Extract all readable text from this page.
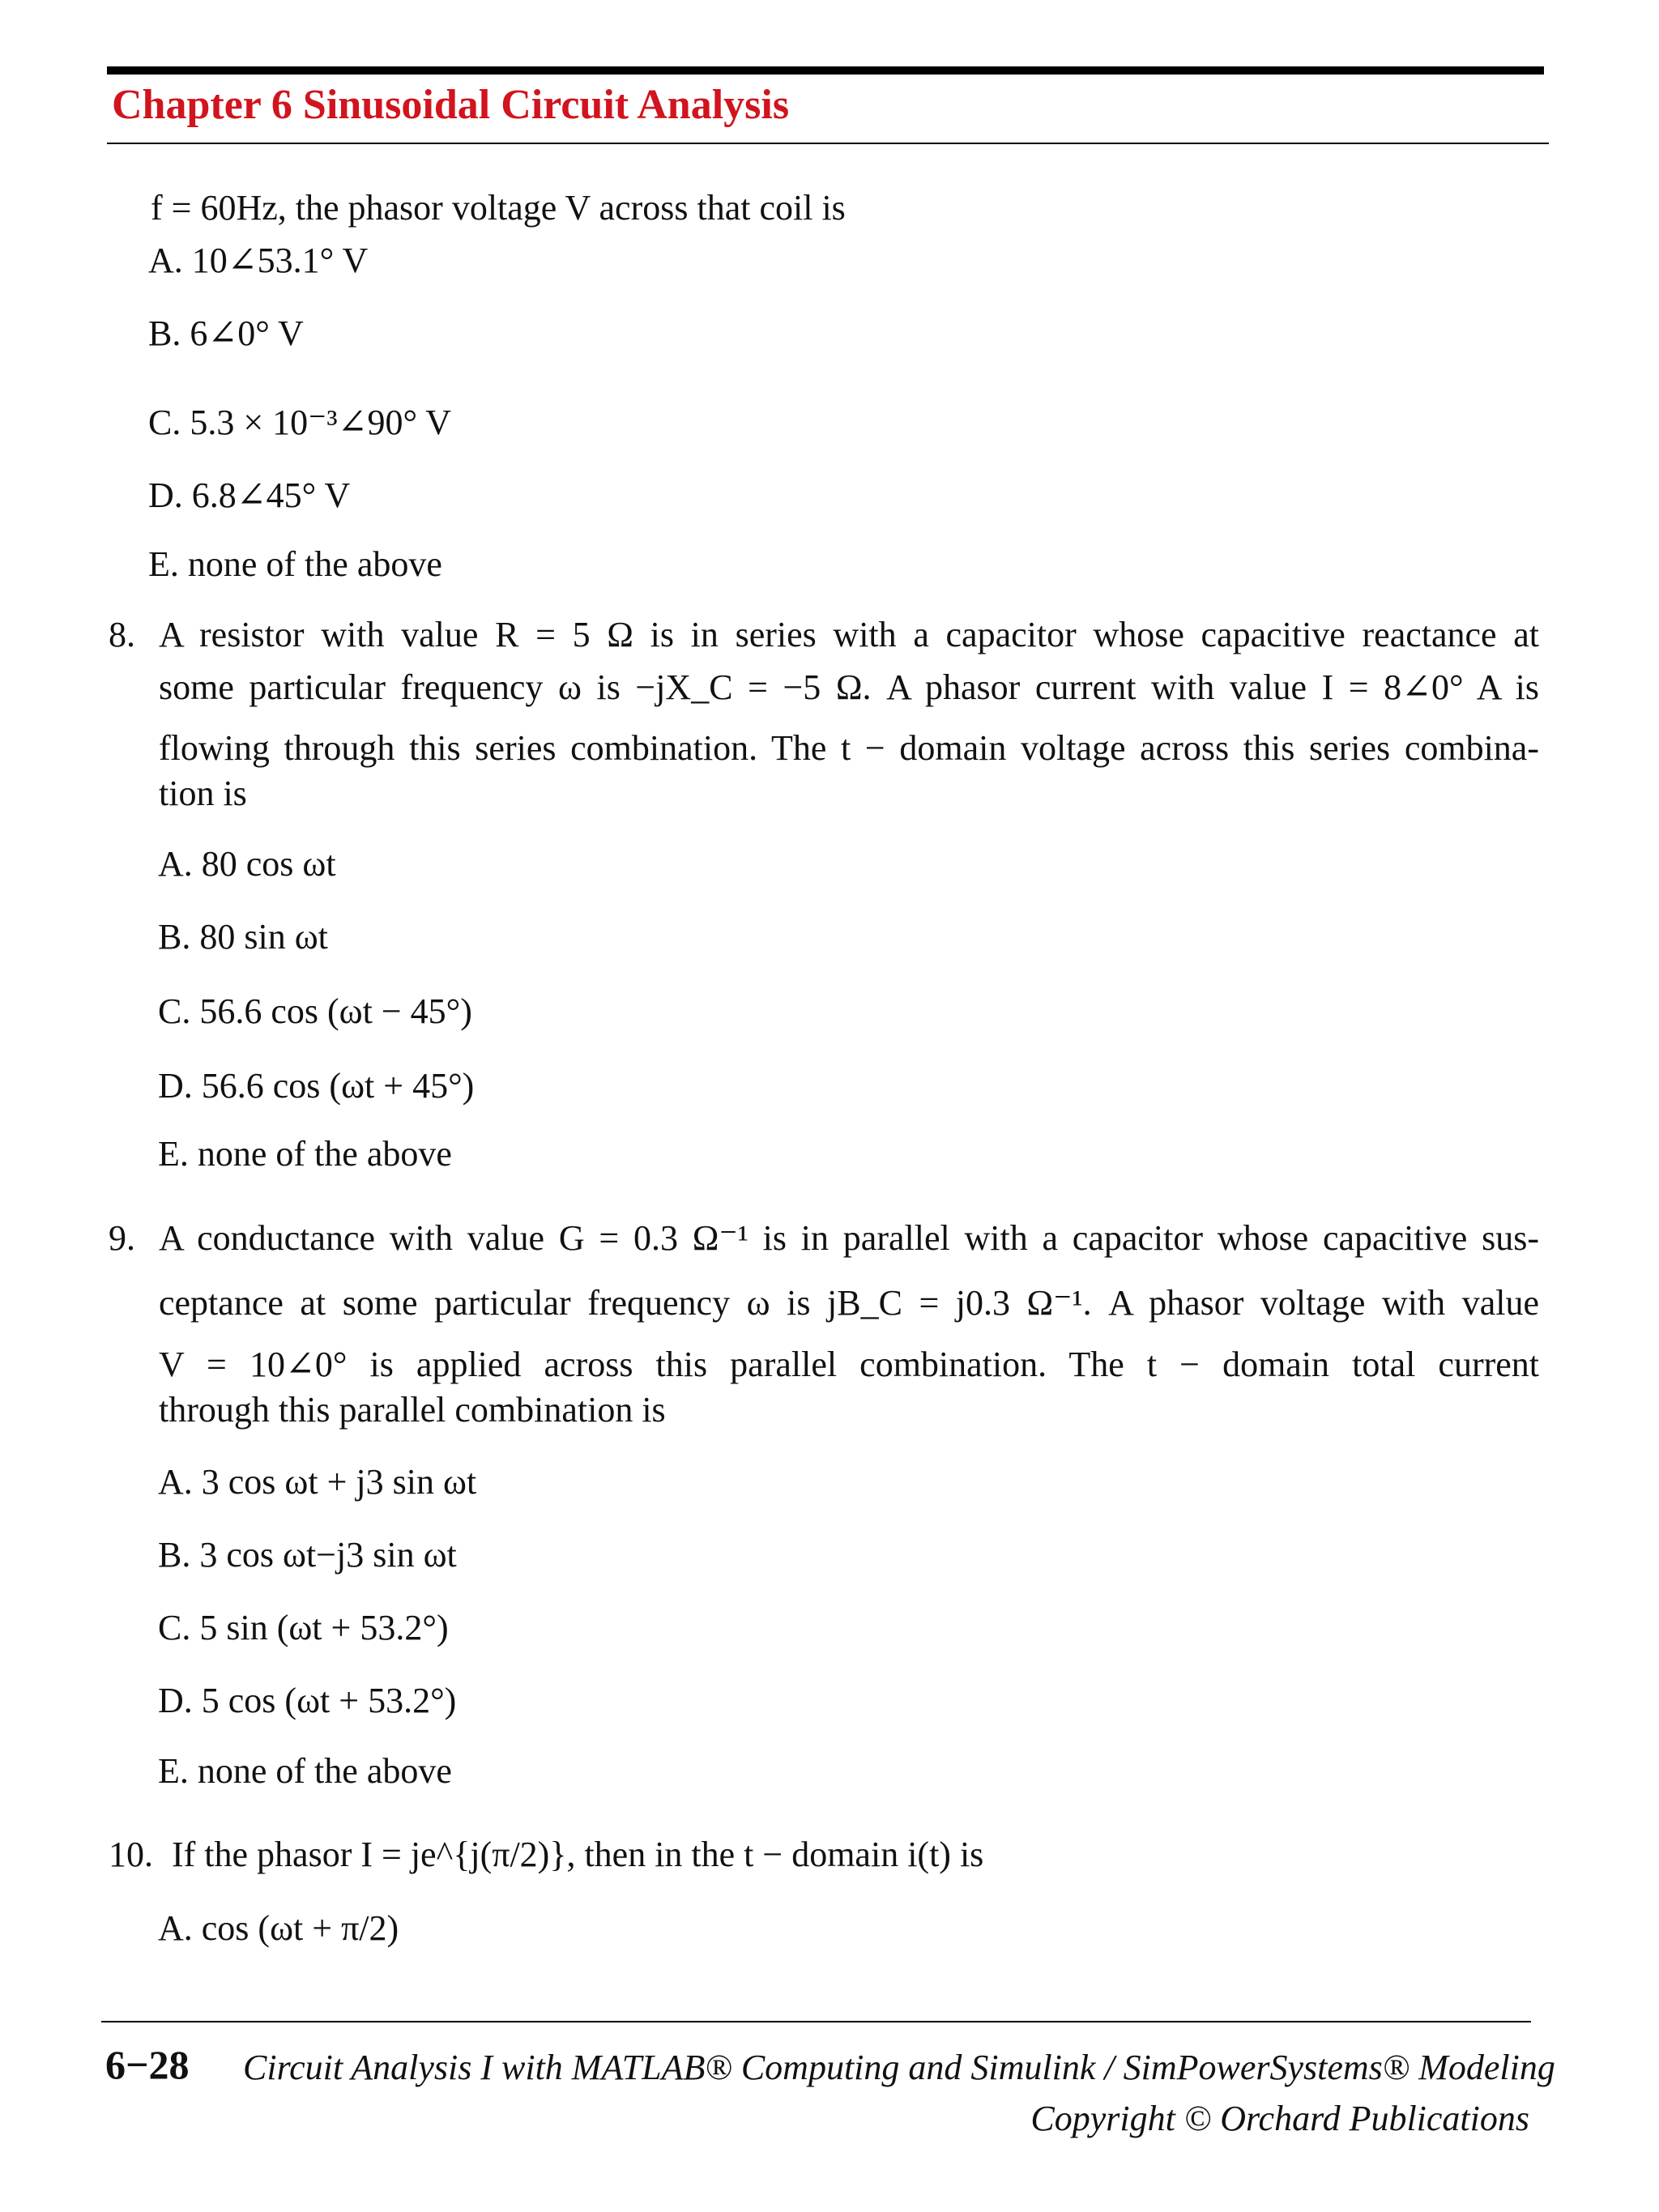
Chapter 6 Sinusoidal Circuit Analysis
f = 60Hz, the phasor voltage V across that coil is
A. 10∠53.1° V
B. 6∠0° V
C. 5.3 × 10⁻³∠90° V
D. 6.8∠45° V
E. none of the above
8. A resistor with value R = 5 Ω is in series with a capacitor whose capacitive reactance at
some particular frequency ω is −jX_C = −5 Ω. A phasor current with value I = 8∠0° A is
flowing through this series combination. The t − domain voltage across this series combina-
tion is
A. 80 cos ωt
B. 80 sin ωt
C. 56.6 cos (ωt − 45°)
D. 56.6 cos (ωt + 45°)
E. none of the above
9. A conductance with value G = 0.3 Ω⁻¹ is in parallel with a capacitor whose capacitive sus-
ceptance at some particular frequency ω is jB_C = j0.3 Ω⁻¹. A phasor voltage with value
V = 10∠0° is applied across this parallel combination. The t − domain total current
through this parallel combination is
A. 3 cos ωt + j3 sin ωt
B. 3 cos ωt−j3 sin ωt
C. 5 sin (ωt + 53.2°)
D. 5 cos (ωt + 53.2°)
E. none of the above
10. If the phasor I = je^{j(π/2)}, then in the t − domain i(t) is
A. cos (ωt + π/2)
6−28 Circuit Analysis I with MATLAB® Computing and Simulink / SimPowerSystems® Modeling
Copyright © Orchard Publications
